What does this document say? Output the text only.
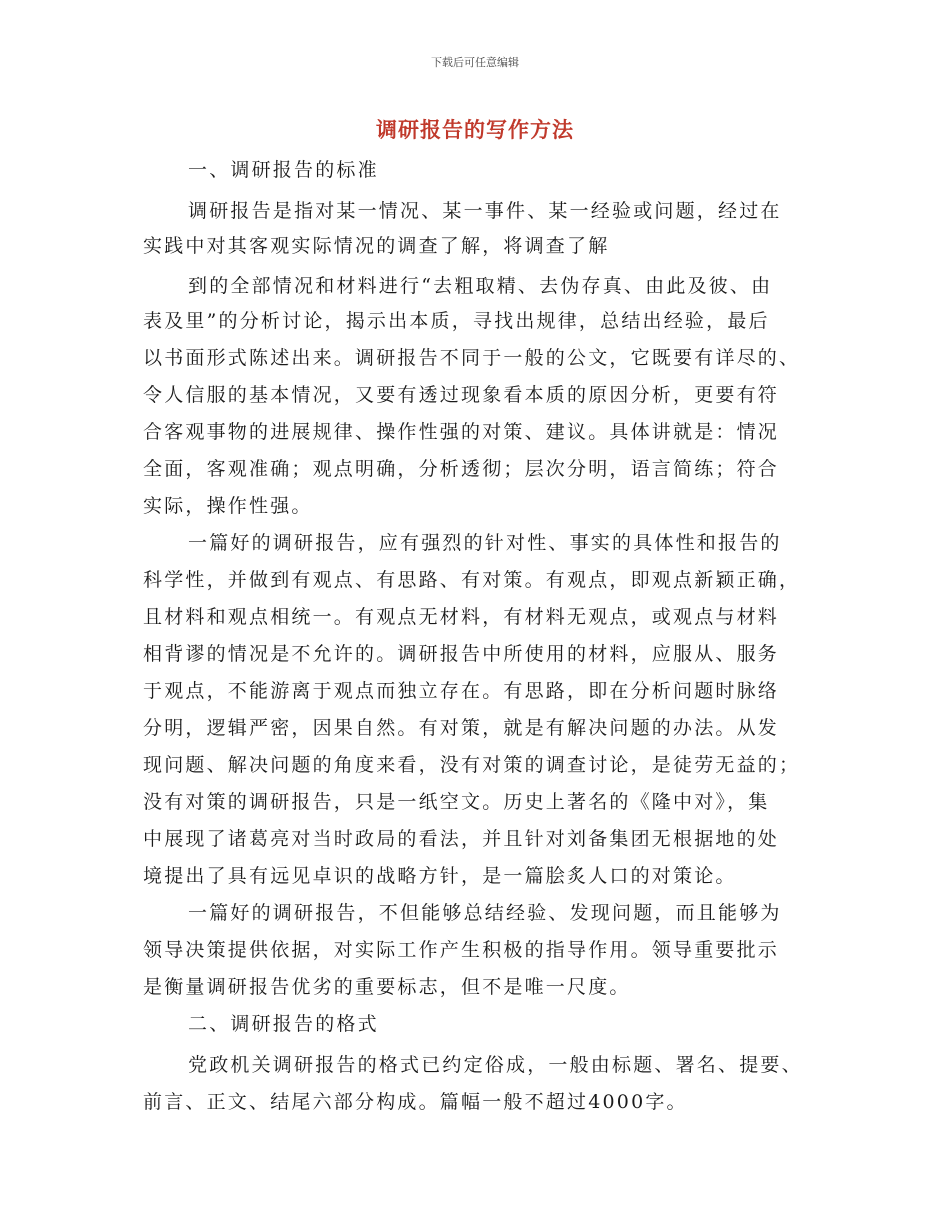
下载后可任意编辑
调研报告的写作方法
一、调研报告的标准
调研报告是指对某一情况、某一事件、某一经验或问题，经过在
实践中对其客观实际情况的调查了解，将调查了解
到的全部情况和材料进行“去粗取精、去伪存真、由此及彼、由
表及里”的分析讨论，揭示出本质，寻找出规律，总结出经验，最后
以书面形式陈述出来。调研报告不同于一般的公文，它既要有详尽的、
令人信服的基本情况，又要有透过现象看本质的原因分析，更要有符
合客观事物的进展规律、操作性强的对策、建议。具体讲就是：情况
全面，客观准确；观点明确，分析透彻；层次分明，语言简练；符合
实际，操作性强。
一篇好的调研报告，应有强烈的针对性、事实的具体性和报告的
科学性，并做到有观点、有思路、有对策。有观点，即观点新颖正确，
且材料和观点相统一。有观点无材料，有材料无观点，或观点与材料
相背谬的情况是不允许的。调研报告中所使用的材料，应服从、服务
于观点，不能游离于观点而独立存在。有思路，即在分析问题时脉络
分明，逻辑严密，因果自然。有对策，就是有解决问题的办法。从发
现问题、解决问题的角度来看，没有对策的调查讨论，是徒劳无益的；
没有对策的调研报告，只是一纸空文。历史上著名的《隆中对》，集
中展现了诸葛亮对当时政局的看法，并且针对刘备集团无根据地的处
境提出了具有远见卓识的战略方针，是一篇脍炙人口的对策论。
一篇好的调研报告，不但能够总结经验、发现问题，而且能够为
领导决策提供依据，对实际工作产生积极的指导作用。领导重要批示
是衡量调研报告优劣的重要标志，但不是唯一尺度。
二、调研报告的格式
党政机关调研报告的格式已约定俗成，一般由标题、署名、提要、
前言、正文、结尾六部分构成。篇幅一般不超过4000字。
